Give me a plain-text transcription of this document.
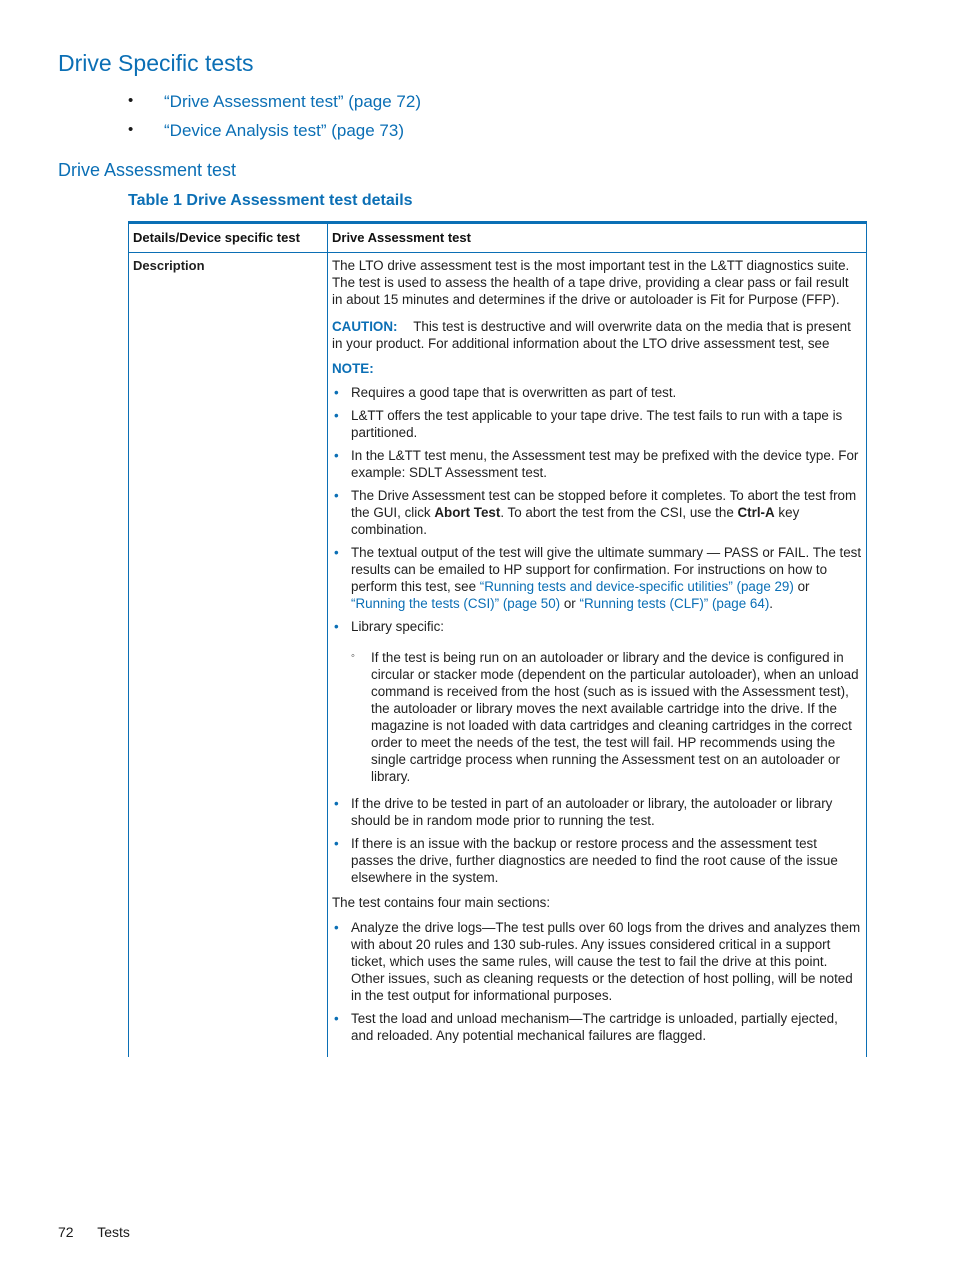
Drive Specific tests
• “Drive Assessment test” (page 72)
• “Device Analysis test” (page 73)
Drive Assessment test
Table 1 Drive Assessment test details
Details/Device specific test Drive Assessment test
Description	The LTO drive assessment test is the most important test in the L&TT diagnostics suite. The test is used to assess the health of a tape drive, providing a clear pass or fail result in about 15 minutes and determines if the drive or autoloader is Fit for Purpose (FFP).

CAUTION: This test is destructive and will overwrite data on the media that is present in your product. For additional information about the LTO drive assessment test, see

NOTE:

• Requires a good tape that is overwritten as part of test.
• L&TT offers the test applicable to your tape drive. The test fails to run with a tape is partitioned.
• In the L&TT test menu, the Assessment test may be prefixed with the device type. For example: SDLT Assessment test.
• The Drive Assessment test can be stopped before it completes. To abort the test from the GUI, click Abort Test. To abort the test from the CSI, use the Ctrl-A key combination.
• The textual output of the test will give the ultimate summary — PASS or FAIL. The test results can be emailed to HP support for confirmation. For instructions on how to perform this test, see “Running tests and device-specific utilities” (page 29) or “Running the tests (CSI)” (page 50) or “Running tests (CLF)” (page 64).
• Library specific:
◦ If the test is being run on an autoloader or library and the device is configured in circular or stacker mode (dependent on the particular autoloader), when an unload command is received from the host (such as is issued with the Assessment test), the autoloader or library moves the next available cartridge into the drive. If the magazine is not loaded with data cartridges and cleaning cartridges in the correct order to meet the needs of the test, the test will fail. HP recommends using the single cartridge process when running the Assessment test on an autoloader or library.
• If the drive to be tested in part of an autoloader or library, the autoloader or library should be in random mode prior to running the test.
• If there is an issue with the backup or restore process and the assessment test passes the drive, further diagnostics are needed to find the root cause of the issue elsewhere in the system.

The test contains four main sections:

• Analyze the drive logs—The test pulls over 60 logs from the drives and analyzes them with about 20 rules and 130 sub-rules. Any issues considered critical in a support ticket, which uses the same rules, will cause the test to fail the drive at this point. Other issues, such as cleaning requests or the detection of host polling, will be noted in the test output for informational purposes.
• Test the load and unload mechanism—The cartridge is unloaded, partially ejected, and reloaded. Any potential mechanical failures are flagged.
72 Tests
